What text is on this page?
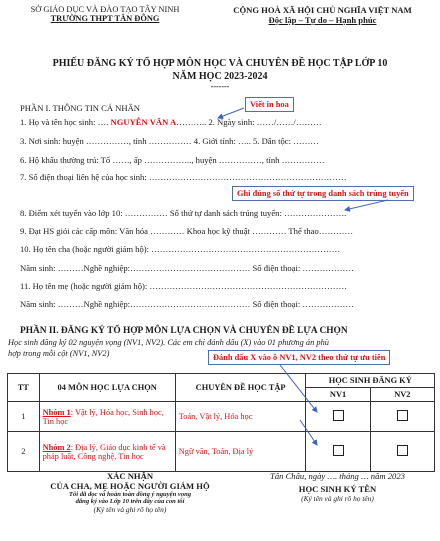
SỞ GIÁO DỤC VÀ ĐÀO TẠO TÂY NINH
TRƯỜNG THPT TÂN ĐÔNG
CỘNG HOÀ XÃ HỘI CHỦ NGHĨA VIỆT NAM
Độc lập – Tự do – Hạnh phúc
PHIẾU ĐĂNG KÝ TỔ HỢP MÔN HỌC VÀ CHUYÊN ĐỀ HỌC TẬP LỚP 10
NĂM HỌC 2023-2024
-------
PHẦN I. THÔNG TIN CÁ NHÂN	Viết in hoa
1. Họ và tên học sinh: …. NGUYỄN VĂN A……….. 2. Ngày sinh: ……/……/………
3. Nơi sinh: huyện ……………, tỉnh …………… 4. Giới tính: ….. 5. Dân tộc: ………
6. Hộ khẩu thường trú: Tổ ……, ấp …………….., huyện ……………, tỉnh ……………
7. Số điện thoại liên hệ của học sinh: ……………………………………………………………
Ghi đúng số thứ tự trong danh sách trúng tuyển
8. Điểm xét tuyển vào lớp 10: …………… Số thứ tự danh sách trúng tuyển: ………………….
9. Đạt HS giỏi các cấp môn: Văn hóa ………… Khoa học kỹ thuật ………… Thể thao…………
10. Họ tên cha (hoặc người giám hộ): …………………………………………………………
Năm sinh: ………Nghề nghiệp:…………………………………… Số điện thoại: ………………
11. Họ tên mẹ (hoặc người giám hộ): ……………………………………………………………
Năm sinh: ………Nghề nghiệp:…………………………………… Số điện thoại: ………………
PHẦN II. ĐĂNG KÝ TỔ HỢP MÔN LỰA CHỌN VÀ CHUYÊN ĐỀ LỰA CHỌN
Học sinh đăng ký 02 nguyện vọng (NV1, NV2). Các em chỉ đánh dấu (X) vào 01 phương án phù
hợp trong mỗi cột (NV1, NV2)	Đánh dấu X vào ô NV1, NV2 theo thứ tự ưu tiên
TT	04 MÔN HỌC LỰA CHỌN	CHUYÊN ĐỀ HỌC TẬP	HỌC SINH ĐĂNG KÝ	
			NV1	NV2
1	Nhóm 1: Vật lý, Hóa học, Sinh học, Tin học	Toán, Vật lý, Hóa học		
2	Nhóm 2: Địa lý, Giáo dục kinh tế và pháp luật, Công nghệ, Tin học	Ngữ văn, Toán, Địa lý		
XÁC NHẬN
CỦA CHA, MẸ HOẶC NGƯỜI GIÁM HỘ
Tôi đã đọc và hoàn toàn đồng ý nguyện vọng
đăng ký vào Lớp 10 trên đây của con tôi
(Ký tên và ghi rõ họ tên)
Tân Châu, ngày …. tháng … năm 2023
HỌC SINH KÝ TÊN
(Ký tên và ghi rõ họ tên)
